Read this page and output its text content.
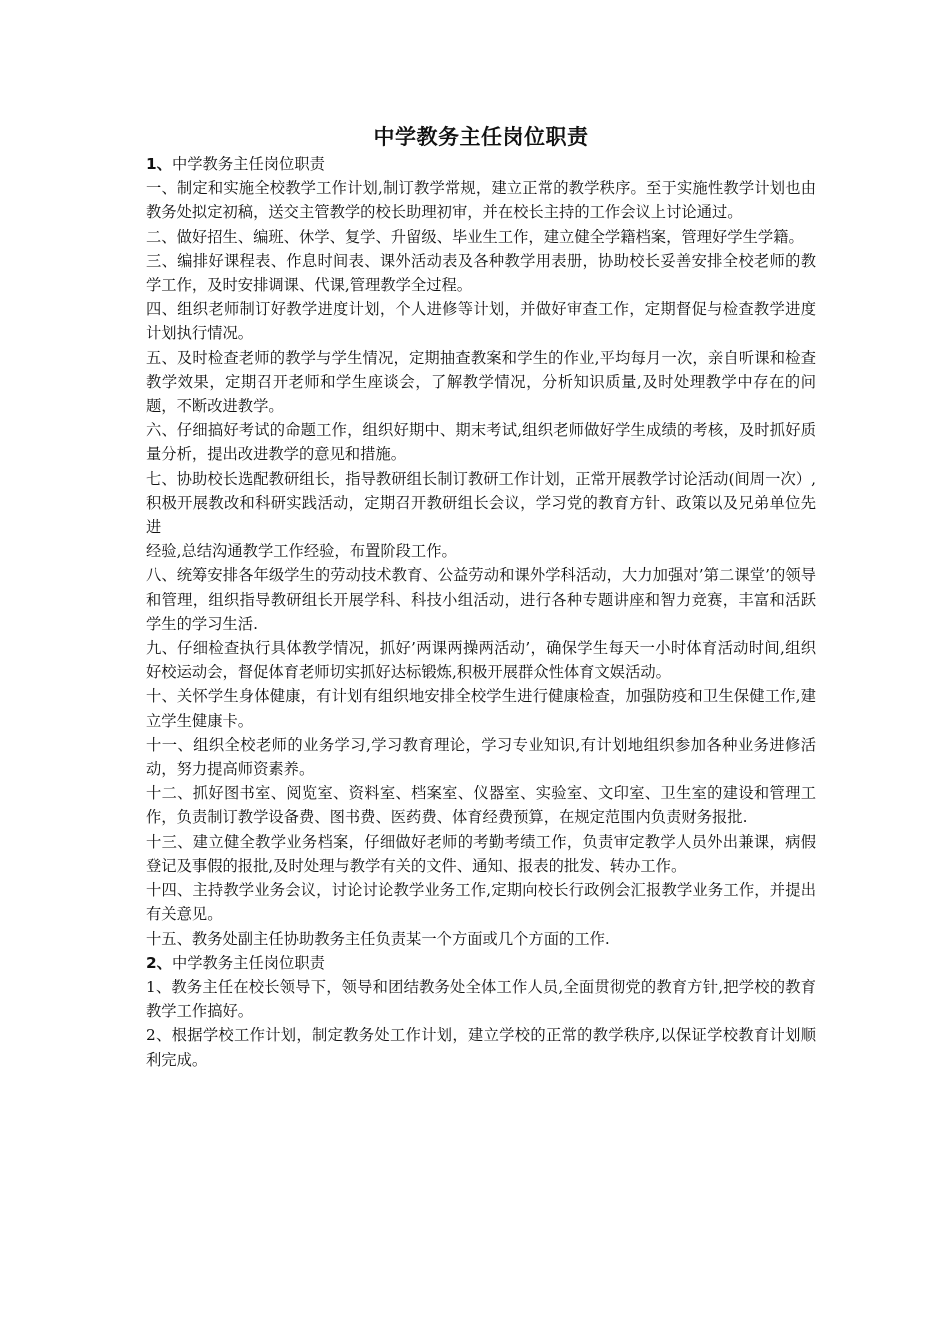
中学教务主任岗位职责

1、中学教务主任岗位职责

一、制定和实施全校教学工作计划,制订教学常规，建立正常的教学秩序。至于实施性教学计划也由教务处拟定初稿，送交主管教学的校长助理初审，并在校长主持的工作会议上讨论通过。

二、做好招生、编班、休学、复学、升留级、毕业生工作，建立健全学籍档案，管理好学生学籍。

三、编排好课程表、作息时间表、课外活动表及各种教学用表册，协助校长妥善安排全校老师的教学工作，及时安排调课、代课,管理教学全过程。

四、组织老师制订好教学进度计划，个人进修等计划，并做好审查工作，定期督促与检查教学进度计划执行情况。

五、及时检查老师的教学与学生情况，定期抽查教案和学生的作业,平均每月一次，亲自听课和检查教学效果，定期召开老师和学生座谈会，了解教学情况，分析知识质量,及时处理教学中存在的问题，不断改进教学。

六、仔细搞好考试的命题工作，组织好期中、期末考试,组织老师做好学生成绩的考核，及时抓好质量分析，提出改进教学的意见和措施。

七、协助校长选配教研组长，指导教研组长制订教研工作计划，正常开展教学讨论活动(间周一次）,积极开展教改和科研实践活动，定期召开教研组长会议，学习党的教育方针、政策以及兄弟单位先进

经验,总结沟通教学工作经验，布置阶段工作。

八、统筹安排各年级学生的劳动技术教育、公益劳动和课外学科活动，大力加强对’第二课堂’的领导和管理，组织指导教研组长开展学科、科技小组活动，进行各种专题讲座和智力竞赛，丰富和活跃学生的学习生活.

九、仔细检查执行具体教学情况，抓好’两课两操两活动’，确保学生每天一小时体育活动时间,组织好校运动会，督促体育老师切实抓好达标锻炼,积极开展群众性体育文娱活动。

十、关怀学生身体健康，有计划有组织地安排全校学生进行健康检查，加强防疫和卫生保健工作,建立学生健康卡。

十一、组织全校老师的业务学习,学习教育理论，学习专业知识,有计划地组织参加各种业务进修活动，努力提高师资素养。

十二、抓好图书室、阅览室、资料室、档案室、仪器室、实验室、文印室、卫生室的建设和管理工作，负责制订教学设备费、图书费、医药费、体育经费预算，在规定范围内负责财务报批.

十三、建立健全教学业务档案，仔细做好老师的考勤考绩工作，负责审定教学人员外出兼课，病假登记及事假的报批,及时处理与教学有关的文件、通知、报表的批发、转办工作。

十四、主持教学业务会议，讨论讨论教学业务工作,定期向校长行政例会汇报教学业务工作，并提出有关意见。

十五、教务处副主任协助教务主任负责某一个方面或几个方面的工作.

2、中学教务主任岗位职责

1、教务主任在校长领导下，领导和团结教务处全体工作人员,全面贯彻党的教育方针,把学校的教育教学工作搞好。

2、根据学校工作计划，制定教务处工作计划，建立学校的正常的教学秩序,以保证学校教育计划顺利完成。
